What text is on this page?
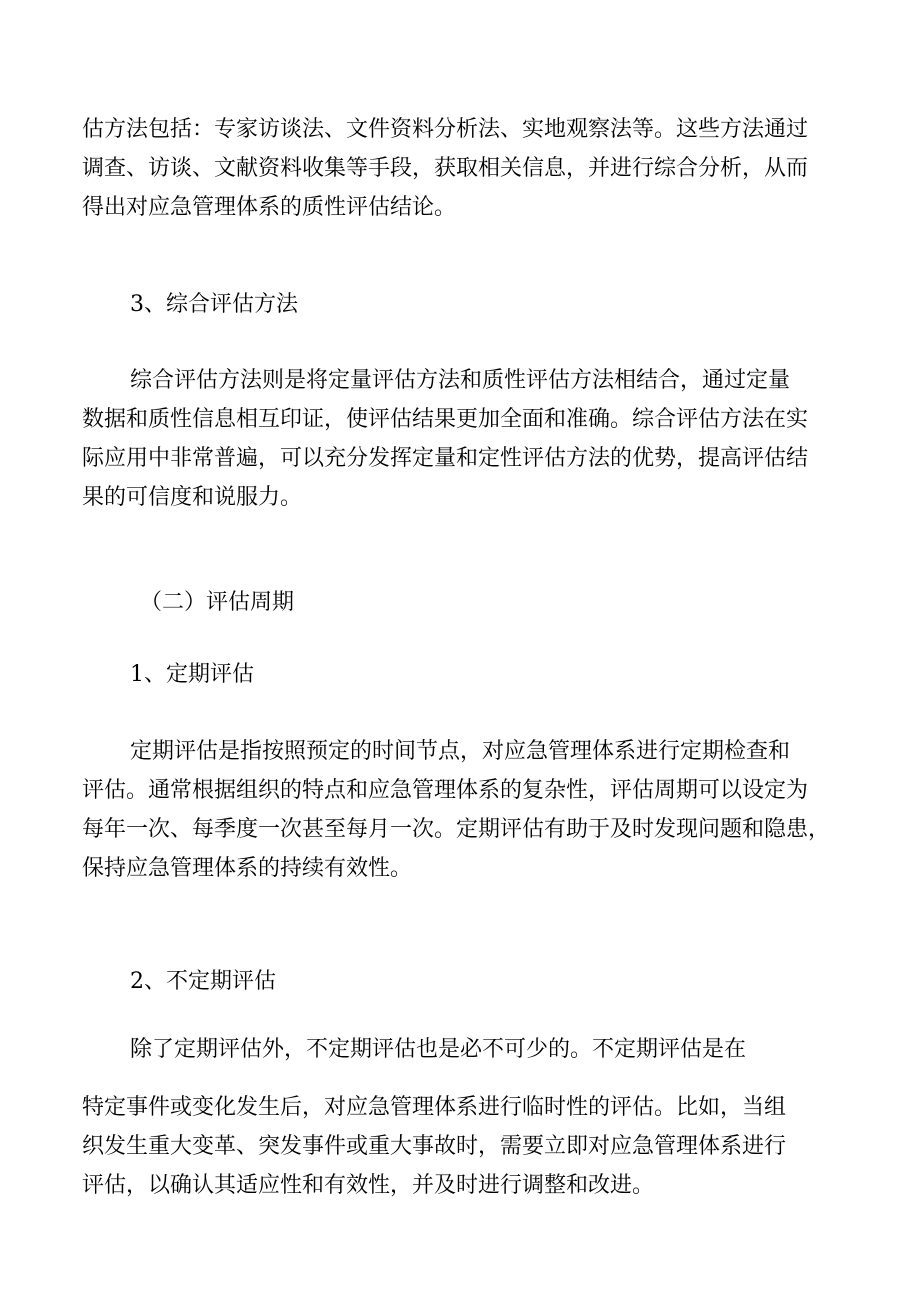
估方法包括：专家访谈法、文件资料分析法、实地观察法等。这些方法通过
调查、访谈、文献资料收集等手段，获取相关信息，并进行综合分析，从而
得出对应急管理体系的质性评估结论。
3、综合评估方法
综合评估方法则是将定量评估方法和质性评估方法相结合，通过定量
数据和质性信息相互印证，使评估结果更加全面和准确。综合评估方法在实
际应用中非常普遍，可以充分发挥定量和定性评估方法的优势，提高评估结
果的可信度和说服力。
（二）评估周期
1、定期评估
定期评估是指按照预定的时间节点，对应急管理体系进行定期检查和
评估。通常根据组织的特点和应急管理体系的复杂性，评估周期可以设定为
每年一次、每季度一次甚至每月一次。定期评估有助于及时发现问题和隐患，
保持应急管理体系的持续有效性。
2、不定期评估
除了定期评估外，不定期评估也是必不可少的。不定期评估是在
特定事件或变化发生后，对应急管理体系进行临时性的评估。比如，当组
织发生重大变革、突发事件或重大事故时，需要立即对应急管理体系进行
评估，以确认其适应性和有效性，并及时进行调整和改进。
